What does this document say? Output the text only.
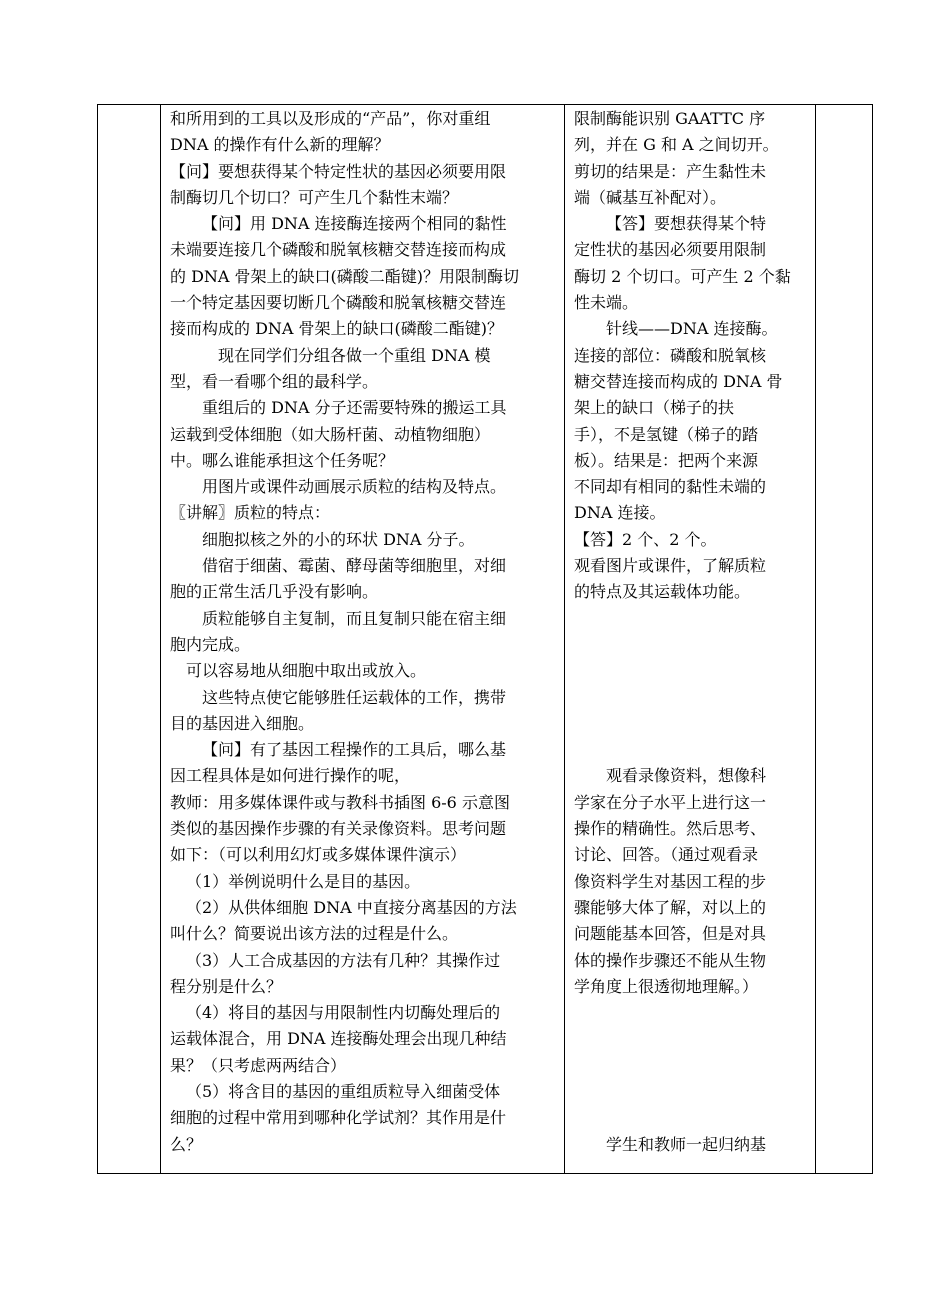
和所用到的工具以及形成的“产品”，你对重组
DNA 的操作有什么新的理解？
【问】要想获得某个特定性状的基因必须要用限
制酶切几个切口？可产生几个黏性末端？
【问】用 DNA 连接酶连接两个相同的黏性
未端要连接几个磷酸和脱氧核糖交替连接而构成
的 DNA 骨架上的缺口(磷酸二酯键)？用限制酶切
一个特定基因要切断几个磷酸和脱氧核糖交替连
接而构成的 DNA 骨架上的缺口(磷酸二酯键)？
现在同学们分组各做一个重组 DNA 模
型，看一看哪个组的最科学。
重组后的 DNA 分子还需要特殊的搬运工具
运载到受体细胞（如大肠杆菌、动植物细胞）
中。哪么谁能承担这个任务呢？
用图片或课件动画展示质粒的结构及特点。
〖讲解〗质粒的特点：
细胞拟核之外的小的环状 DNA 分子。
借宿于细菌、霉菌、酵母菌等细胞里，对细
胞的正常生活几乎没有影响。
质粒能够自主复制，而且复制只能在宿主细
胞内完成。
可以容易地从细胞中取出或放入。
这些特点使它能够胜任运载体的工作，携带
目的基因进入细胞。
【问】有了基因工程操作的工具后，哪么基
因工程具体是如何进行操作的呢，
教师：用多媒体课件或与教科书插图 6-6 示意图
类似的基因操作步骤的有关录像资料。思考问题
如下：（可以利用幻灯或多媒体课件演示）
（1）举例说明什么是目的基因。
（2）从供体细胞 DNA 中直接分离基因的方法
叫什么？简要说出该方法的过程是什么。
（3）人工合成基因的方法有几种？其操作过
程分别是什么？
（4）将目的基因与用限制性内切酶处理后的
运载体混合，用 DNA 连接酶处理会出现几种结
果？（只考虑两两结合）
（5）将含目的基因的重组质粒导入细菌受体
细胞的过程中常用到哪种化学试剂？其作用是什
么？
限制酶能识别 GAATTC 序
列，并在 G 和 A 之间切开。
剪切的结果是：产生黏性未
端（碱基互补配对）。
【答】要想获得某个特
定性状的基因必须要用限制
酶切 2 个切口。可产生 2 个黏
性未端。
针线——DNA 连接酶。
连接的部位：磷酸和脱氧核
糖交替连接而构成的 DNA 骨
架上的缺口（梯子的扶
手），不是氢键（梯子的踏
板）。结果是：把两个来源
不同却有相同的黏性未端的
DNA 连接。
【答】2 个、2 个。
观看图片或课件，了解质粒
的特点及其运载体功能。
观看录像资料，想像科
学家在分子水平上进行这一
操作的精确性。然后思考、
讨论、回答。（通过观看录
像资料学生对基因工程的步
骤能够大体了解，对以上的
问题能基本回答，但是对具
体的操作步骤还不能从生物
学角度上很透彻地理解。）
学生和教师一起归纳基
